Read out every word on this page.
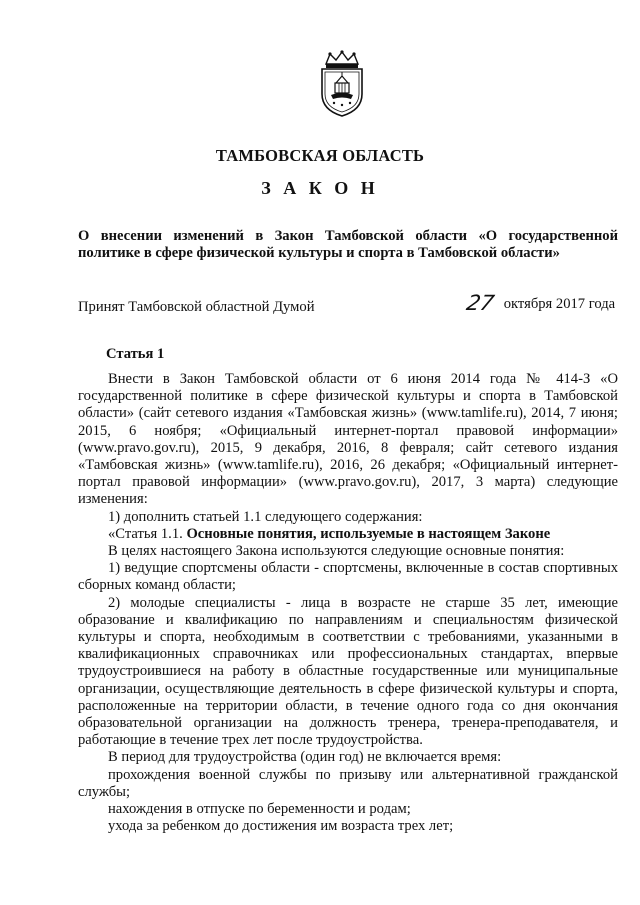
ТАМБОВСКАЯ ОБЛАСТЬ
З А К О Н
О внесении изменений в Закон Тамбовской области «О государственной политике в сфере физической культуры и спорта в Тамбовской области»
Принят Тамбовской областной Думой	27 октября 2017 года
Статья 1

Внести в Закон Тамбовской области от 6 июня 2014 года № 414-З «О государственной политике в сфере физической культуры и спорта в Тамбовской области» (сайт сетевого издания «Тамбовская жизнь» (www.tamlife.ru), 2014, 7 июня; 2015, 6 ноября; «Официальный интернет-портал правовой информации» (www.pravo.gov.ru), 2015, 9 декабря, 2016, 8 февраля; сайт сетевого издания «Тамбовская жизнь» (www.tamlife.ru), 2016, 26 декабря; «Официальный интернет-портал правовой информации» (www.pravo.gov.ru), 2017, 3 марта) следующие изменения:

1) дополнить статьей 1.1 следующего содержания:

«Статья 1.1. Основные понятия, используемые в настоящем Законе

В целях настоящего Закона используются следующие основные понятия:

1) ведущие спортсмены области - спортсмены, включенные в состав спортивных сборных команд области;

2) молодые специалисты - лица в возрасте не старше 35 лет, имеющие образование и квалификацию по направлениям и специальностям физической культуры и спорта, необходимым в соответствии с требованиями, указанными в квалификационных справочниках или профессиональных стандартах, впервые трудоустроившиеся на работу в областные государственные или муниципальные организации, осуществляющие деятельность в сфере физической культуры и спорта, расположенные на территории области, в течение одного года со дня окончания образовательной организации на должность тренера, тренера-преподавателя, и работающие в течение трех лет после трудоустройства.

В период для трудоустройства (один год) не включается время:

прохождения военной службы по призыву или альтернативной гражданской службы;

нахождения в отпуске по беременности и родам;

ухода за ребенком до достижения им возраста трех лет;
